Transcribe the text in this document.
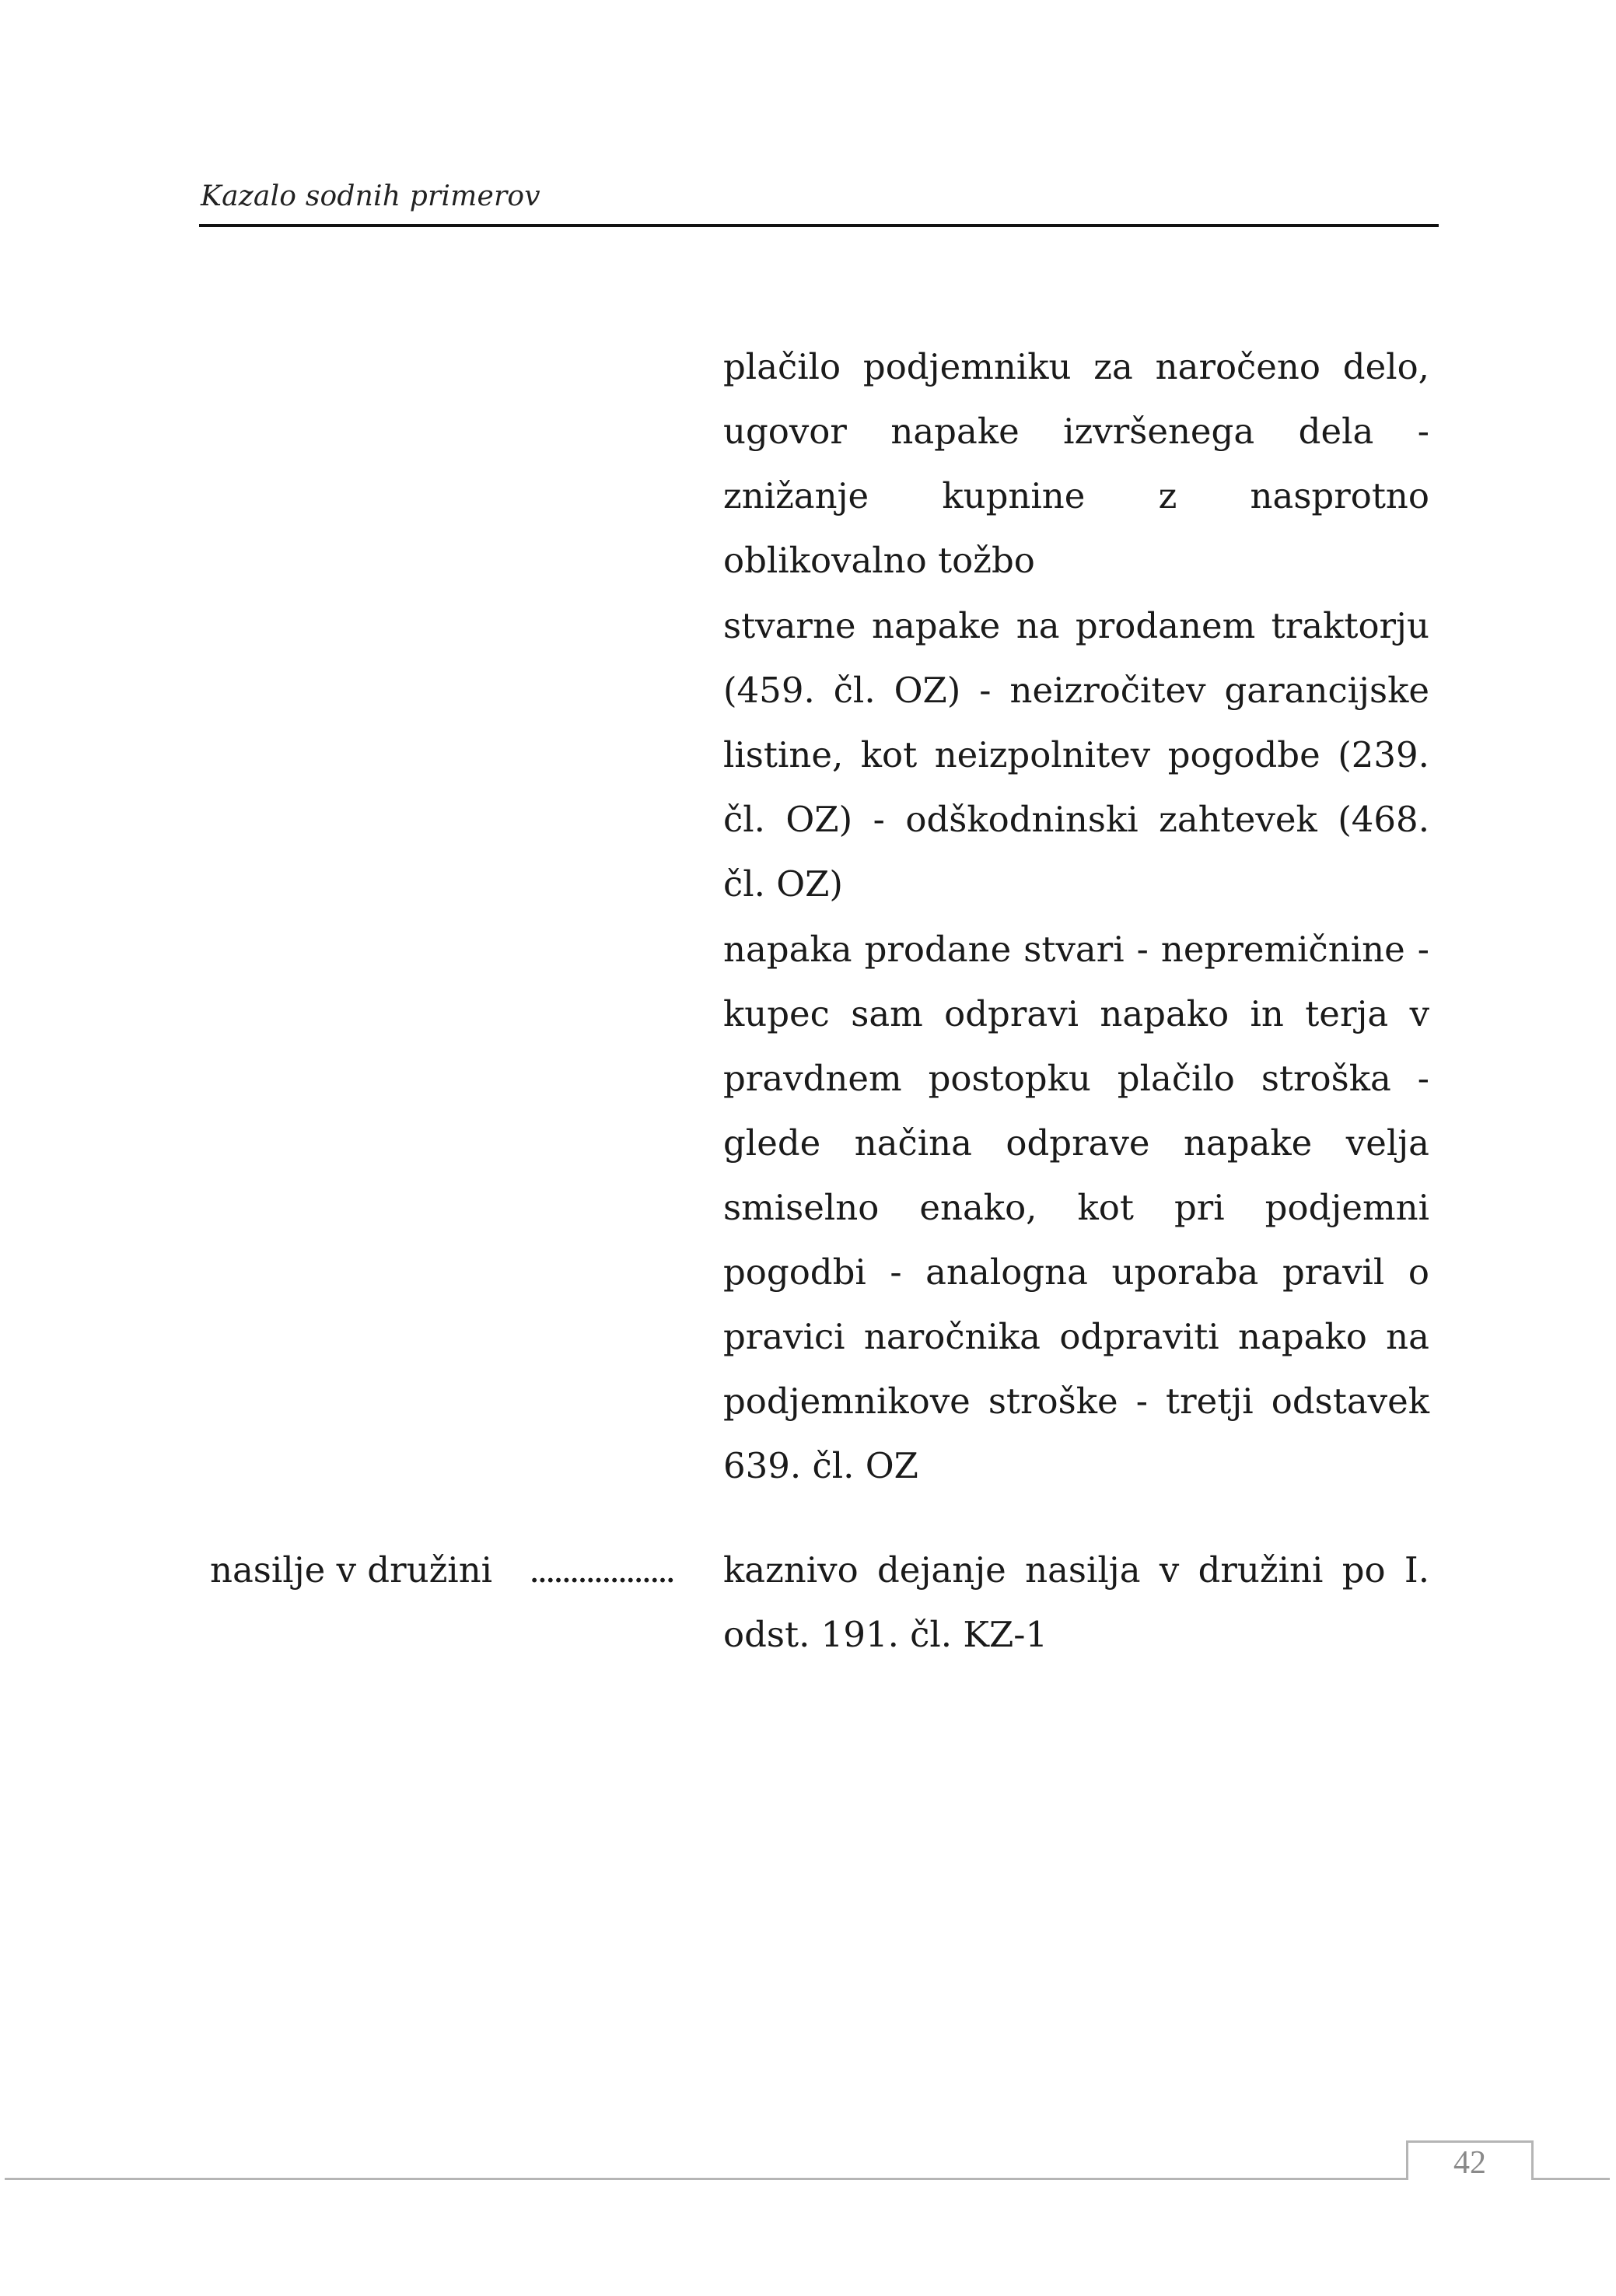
Kazalo sodnih primerov
plačilo podjemniku za naročeno delo, ugovor napake izvršenega dela - znižanje kupnine z nasprotno oblikovalno tožbo
stvarne napake na prodanem traktorju (459. čl. OZ) - neizročitev garancijske listine, kot neizpolnitev pogodbe (239. čl. OZ) - odškodninski zahtevek (468. čl. OZ)
napaka prodane stvari - nepremičnine - kupec sam odpravi napako in terja v pravdnem postopku plačilo stroška - glede načina odprave napake velja smiselno enako, kot pri podjemni pogodbi - analogna uporaba pravil o pravici naročnika odpraviti napako na podjemnikove stroške - tretji odstavek 639. čl. OZ
nasilje v družini .................. kaznivo dejanje nasilja v družini po I. odst. 191. čl. KZ-1
42
